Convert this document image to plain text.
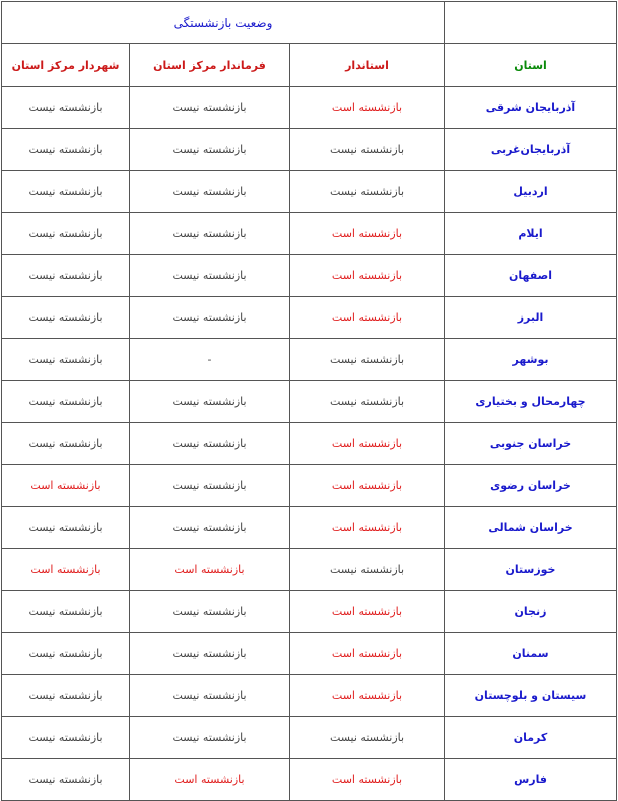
	وضعیت بازنشستگی		
استان	استاندار	فرماندار مرکز استان	شهردار مرکز استان
آذربایجان شرقی	بازنشسته است	بازنشسته نیست	بازنشسته نیست
آذربایجان‌غربی	بازنشسته نیست	بازنشسته نیست	بازنشسته نیست
اردبیل	بازنشسته نیست	بازنشسته نیست	بازنشسته نیست
ایلام	بازنشسته است	بازنشسته نیست	بازنشسته نیست
اصفهان	بازنشسته است	بازنشسته نیست	بازنشسته نیست
البرز	بازنشسته است	بازنشسته نیست	بازنشسته نیست
بوشهر	بازنشسته نیست	-	بازنشسته نیست
چهارمحال و بختیاری	بازنشسته نیست	بازنشسته نیست	بازنشسته نیست
خراسان جنوبی	بازنشسته است	بازنشسته نیست	بازنشسته نیست
خراسان رضوی	بازنشسته است	بازنشسته نیست	بازنشسته است
خراسان شمالی	بازنشسته است	بازنشسته نیست	بازنشسته نیست
خوزستان	بازنشسته نیست	بازنشسته است	بازنشسته است
زنجان	بازنشسته است	بازنشسته نیست	بازنشسته نیست
سمنان	بازنشسته است	بازنشسته نیست	بازنشسته نیست
سیستان و بلوچستان	بازنشسته است	بازنشسته نیست	بازنشسته نیست
کرمان	بازنشسته نیست	بازنشسته نیست	بازنشسته نیست
فارس	بازنشسته است	بازنشسته است	بازنشسته نیست
